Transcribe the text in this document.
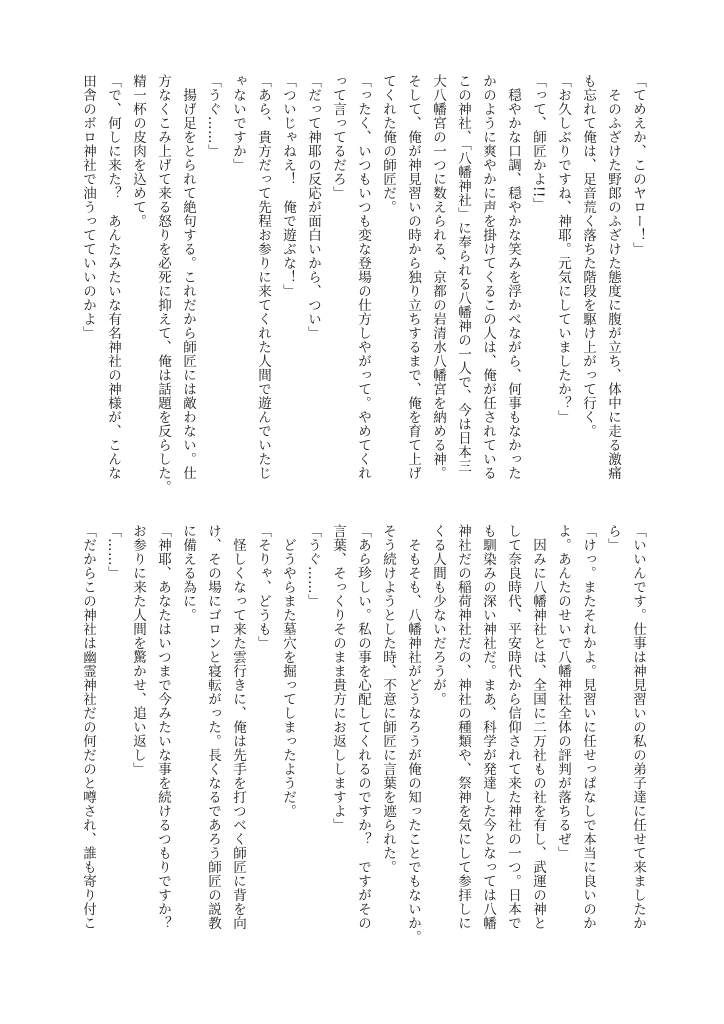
「てめえか、このヤロー！」
　そのふざけた野郎のふざけた態度に腹が立ち、体中に走る激痛
も忘れて俺は、足音荒く落ちた階段を駆け上がって行く。
「お久しぶりですね、神耶。元気にしていましたか？」
「って、師匠かよ!!」
　穏やかな口調、穏やかな笑みを浮かべながら、何事もなかった
かのように爽やかに声を掛けてくるこの人は、俺が任されている
この神社、「八幡神社」に奉られる八幡神の一人で、今は日本三
大八幡宮の一つに数えられる、京都の岩清水八幡宮を納める神。
そして、俺が神見習いの時から独り立ちするまで、俺を育て上げ
てくれた俺の師匠だ。
「ったく、いつもいつも変な登場の仕方しやがって。やめてくれ
って言ってるだろ」
「だって神耶の反応が面白いから、つい」
「ついじゃねえ！　俺で遊ぶな！」
「あら、貴方だって先程お参りに来てくれた人間で遊んでいたじ
ゃないですか」
「うぐ……」
　揚げ足をとられて絶句する。これだから師匠には敵わない。仕
方なくこみ上げて来る怒りを必死に抑えて、俺は話題を反らした。
精一杯の皮肉を込めて。
「で、何しに来た？　あんたみたいな有名神社の神様が、こんな
田舎のボロ神社で油うってていいのかよ」
「いいんです。仕事は神見習いの私の弟子達に任せて来ましたか
ら」
「けっ。またそれかよ。見習いに任せっぱなしで本当に良いのか
よ。あんたのせいで八幡神社全体の評判が落ちるぜ」
　因みに八幡神社とは、全国に二万社もの社を有し、武運の神と
して奈良時代、平安時代から信仰されて来た神社の一つ。日本で
も馴染みの深い神社だ。まあ、科学が発達した今となっては八幡
神社だの稲荷神社だの、神社の種類や、祭神を気にして参拝しに
くる人間も少ないだろうが。
　そもそも、八幡神社がどうなろうが俺の知ったことでもないか。
そう続けようとした時、不意に師匠に言葉を遮られた。
「あら珍しい。私の事を心配してくれるのですか？　ですがその
言葉、そっくりそのまま貴方にお返ししますよ」
「うぐ……」
　どうやらまた墓穴を掘ってしまったようだ。
「そりゃ、どうも」
　怪しくなって来た雲行きに、俺は先手を打つべく師匠に背を向
け、その場にゴロンと寝転がった。長くなるであろう師匠の説教
に備える為に。
「神耶、あなたはいつまで今みたいな事を続けるつもりですか？
お参りに来た人間を驚かせ、追い返し」
「……」
「だからこの神社は幽霊神社だの何だのと噂され、誰も寄り付こ
